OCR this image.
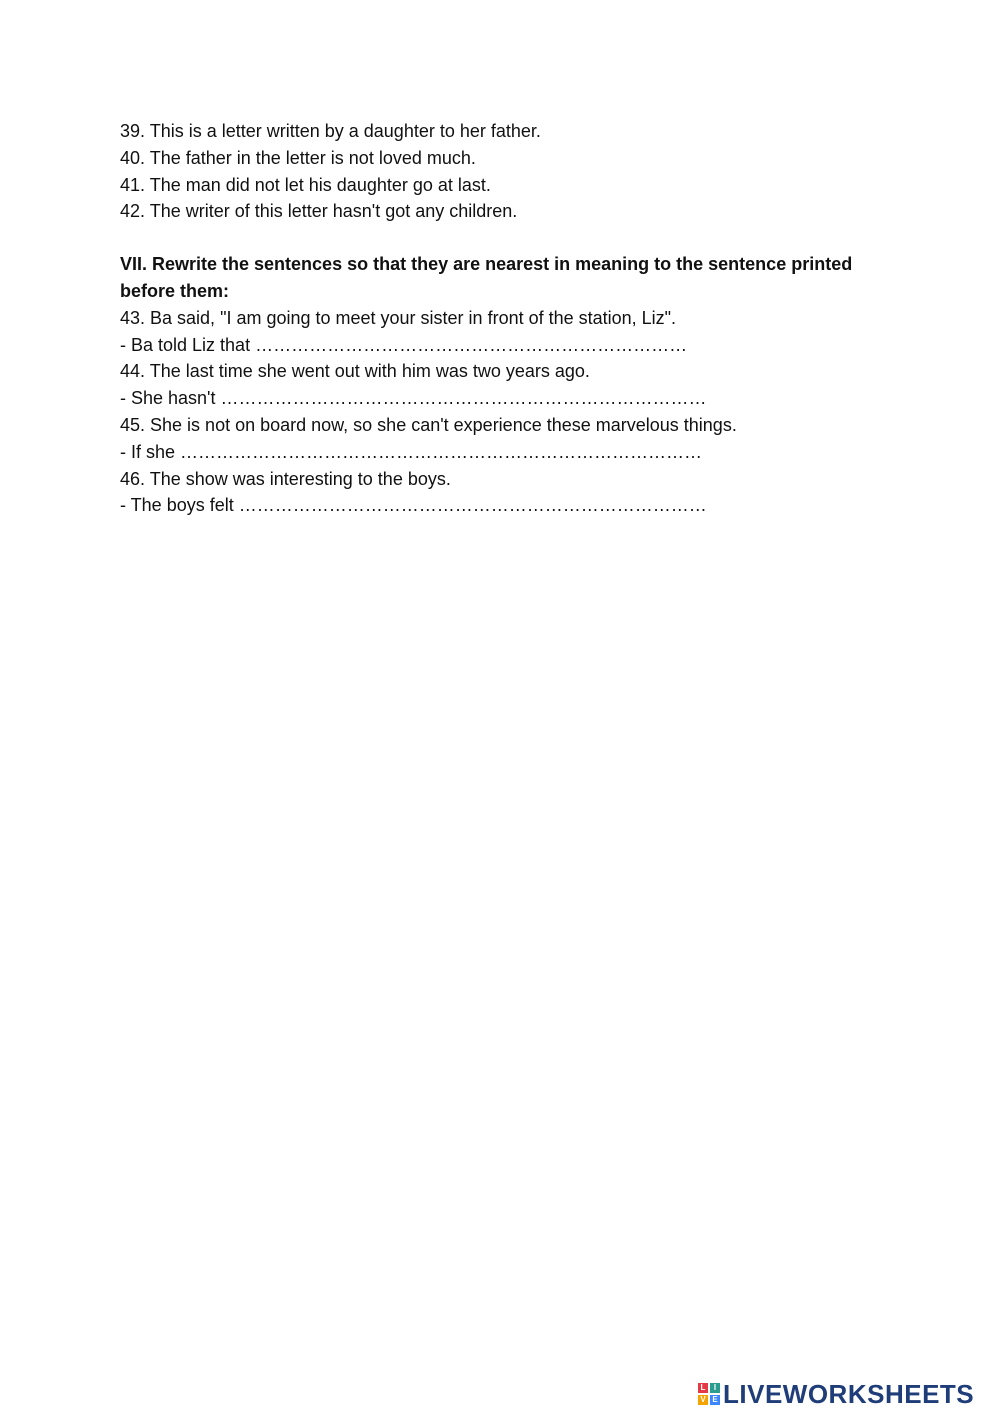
39. This is a letter written by a daughter to her father.
40. The father in the letter is not loved much.
41. The man did not let his daughter go at last.
42. The writer of this letter hasn't got any children.
VII. Rewrite the sentences so that they are nearest in meaning to the sentence printed before them:
43. Ba said, "I am going to meet your sister in front of the station, Liz".
- Ba told Liz that ………………………………………………………………
44. The last time she went out with him was two years ago.
- She hasn't ………………………………………………………………………
45. She is not on board now, so she can't experience these marvelous things.
- If she ……………………………………………………………………………
46. The show was interesting to the boys.
- The boys felt ……………………………………………………………………
L	I
V E LIVEWORKSHEETS
